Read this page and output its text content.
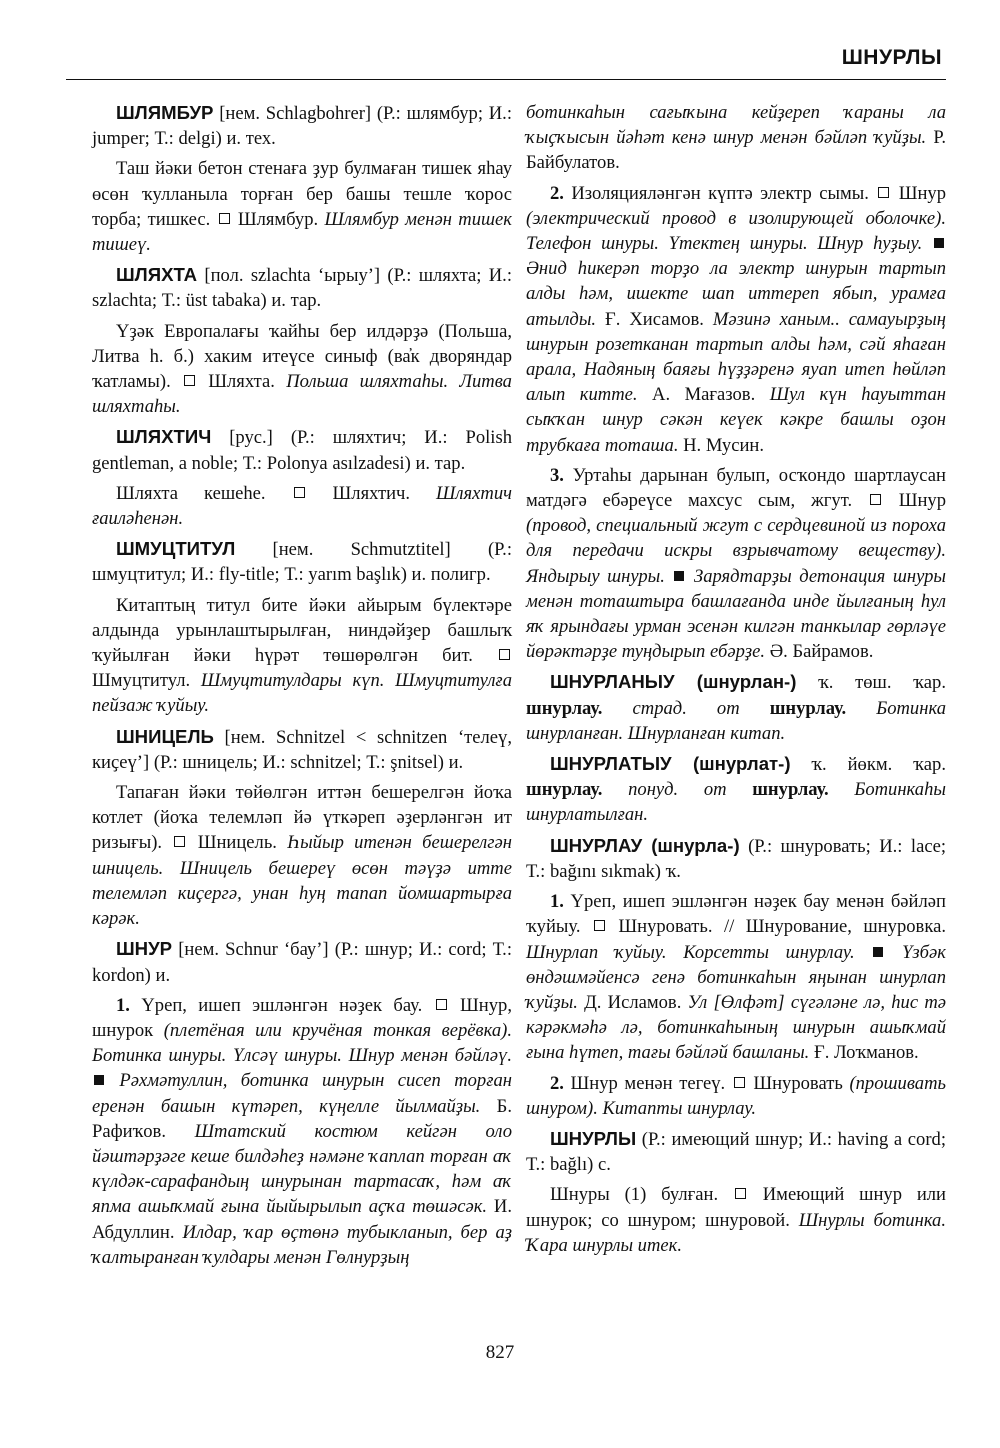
ШНУРЛЫ

ШЛЯМБУР [нем. Schlagbohrer] (Р.: шлямбур; И.: jumper; Т.: delgi) и. тех.

Таш йәки бетон стенаға ҙур булмаған тишек яһау өсөн ҡулланыла торған бер башы тешле ҡорос торба; тишкес.  Шлямбур. Шлямбур менән тишек тишеү.

ШЛЯХТА [пол. szlachta ‘ырыу’] (Р.: шляхта; И.: szlachta; Т.: üst tabaka) и. тар.

Үҙәк Европалағы ҡайһы бер илдәрҙә (Польша, Литва һ. б.) хаким итеүсе синыф (ва҆к дворяндар ҡатламы).  Шляхта. Польша шляхтаһы. Литва шляхтаһы.

ШЛЯХТИЧ [рус.] (Р.: шляхтич; И.: Polish gentleman, a noble; Т.: Polonya asılzadesi) и. тар.

Шляхта кешеһе.  Шляхтич. Шляхтич ғаиләһенән.

ШМУЦТИТУЛ [нем. Schmutztitel] (Р.: шмуцтитул; И.: fly-title; Т.: yarım başlık) и. полигр.

Китаптың титул бите йәки айырым бүлектәре алдында урынлаштырылған, ниндәйҙер башлыҡ ҡуйылған йәки һүрәт төшөрөлгән бит.  Шмуцтитул. Шмуцтитулдары күп. Шмуцтитулға пейзаж ҡуйыу.

ШНИЦЕЛЬ [нем. Schnitzel < schnitzen ‘телеү, киҫеү’] (Р.: шницель; И.: schnitzel; Т.: şnitsel) и.

Тапаған йәки төйөлгән иттән бешерелгән йоҡа котлет (йоҡа телемләп йә үткәреп әҙерләнгән ит ризығы).  Шницель. Һыйыр итенән бешерелгән шницель. Шницель бешереү өсөн тәүҙә итте телемләп киҫергә, унан һуң тапап йомшартырға кәрәк.

ШНУР [нем. Schnur ‘бау’] (Р.: шнур; И.: cord; Т.: kordon) и.

1. Үреп, ишеп эшләнгән нәҙек бау.  Шнур, шнурок (плетёная или кручёная тонкая верёвка). Ботинка шнуры. Үлсәү шнуры. Шнур менән бәйләү.  Рәхмәтуллин, ботинка шнурын сисеп торған еренән башын күтәреп, күңелле йылмайҙы. Б. Рафиҡов. Штатский костюм кейгән оло йәштәрҙәге кеше билдәһеҙ нәмәне ҡаплап торған аҡ күлдәк-сарафандың шнурынан тартасаҡ, һәм аҡ япма ашыҡмай ғына йыйырылып аҫҡа төшәсәк. И. Абдуллин. Илдар, ҡар өҫтөнә тубыкланып, бер аҙ ҡалтыранған ҡулдары менән Гөлнурҙың

ботинкаһын сағыҡына кейҙереп ҡараны ла ҡыҫҡысын йәһәт кенә шнур менән бәйләп ҡуйҙы. Р. Байбулатов.

2. Изоляцияләнгән күптә электр сымы.  Шнур (электрический провод в изолирующей оболочке). Телефон шнуры. Үтектең шнуры. Шнур һуҙыу.  Әнид һикерәп торҙо ла электр шнурын тартып алды һәм, ишекте шап иттереп ябып, урамға атылды. Ғ. Хисамов. Мәзинә ханым.. самауырҙың шнурын розетканан тартып алды һәм, сәй яһаған арала, Надяның баяғы һүҙҙәренә яуап итеп һөйләп алып китте. А. Мағазов. Шул күн һауыттан сыҡҡан шнур сәкән кеүек кәкре башлы оҙон трубкаға тоташа. Н. Мусин.

3. Уртаһы дарынан булып, осҡондо шартлаусан матдәгә ебәреүсе махсус сым, жгут.  Шнур (провод, специальный жгут с сердцевиной из пороха для передачи искры взрывчатому веществу). Яндырыу шнуры. Зарядтарҙы детонация шнуры менән тоташтыра башлағанда инде йылғаның һул яҡ ярындағы урман эсенән килгән танкылар гөрләүе йөрәктәрҙе туңдырып ебәрҙе. Ә. Байрамов.

ШНУРЛАНЫУ (шнурлан-) ҡ. төш. ҡар. шнурлау. страд. от шнурлау. Ботинка шнурланған. Шнурланған китап.

ШНУРЛАТЫУ (шнурлат-) ҡ. йөкм. ҡар. шнурлау. понуд. от шнурлау. Ботинкаһы шнурлатылған.

ШНУРЛАУ (шнурла-) (Р.: шнуровать; И.: lace; Т.: bağını sıkmak) ҡ.

1. Үреп, ишеп эшләнгән нәҙек бау менән бәйләп ҡуйыу.  Шнуровать. // Шнурование, шнуровка. Шнурлап ҡуйыу. Корсетты шнурлау.	Үзбәк өндәшмәйенсә генә ботинкаһын яңынан шнурлап ҡуйҙы. Д. Исламов. Ул [Өлфәт] сүгәләне лә, һис тә кәрәкмәһә лә, ботинкаһының шнурын ашыҡмай ғына һүтеп, тағы бәйләй башланы. Ғ. Лоҡманов.

2. Шнур менән тегеү.  Шнуровать (прошивать шнуром). Китапты шнурлау.

ШНУРЛЫ (Р.: имеющий шнур; И.: having a cord; Т.: bağlı) с.

Шнуры (1) булған.  Имеющий шнур или шнурок; со шнуром; шнуровой. Шнурлы ботинка. Ҡара шнурлы итек.

827
